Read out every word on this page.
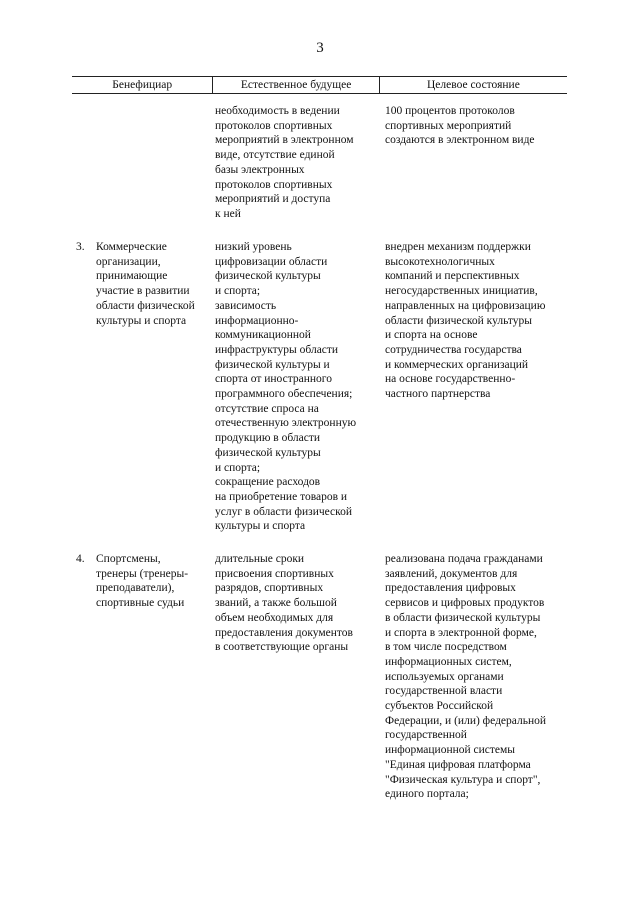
3
Бенефициар	Естественное будущее	Целевое состояние
необходимость в ведении
протоколов спортивных
мероприятий в электронном
виде, отсутствие единой
базы электронных
протоколов спортивных
мероприятий и доступа
к ней
100 процентов протоколов
спортивных мероприятий
создаются в электронном виде
3. Коммерческие
организации,
принимающие
участие в развитии
области физической
культуры и спорта
низкий уровень
цифровизации области
физической культуры
и спорта;
зависимость
информационно-
коммуникационной
инфраструктуры области
физической культуры и
спорта от иностранного
программного обеспечения;
отсутствие спроса на
отечественную электронную
продукцию в области
физической культуры
и спорта;
сокращение расходов
на приобретение товаров и
услуг в области физической
культуры и спорта
внедрен механизм поддержки
высокотехнологичных
компаний и перспективных
негосударственных инициатив,
направленных на цифровизацию
области физической культуры
и спорта на основе
сотрудничества государства
и коммерческих организаций
на основе государственно-
частного партнерства
4. Спортсмены,
тренеры (тренеры-
преподаватели),
спортивные судьи
длительные сроки
присвоения спортивных
разрядов, спортивных
званий, а также большой
объем необходимых для
предоставления документов
в соответствующие органы
реализована подача гражданами
заявлений, документов для
предоставления цифровых
сервисов и цифровых продуктов
в области физической культуры
и спорта в электронной форме,
в том числе посредством
информационных систем,
используемых органами
государственной власти
субъектов Российской
Федерации, и (или) федеральной
государственной
информационной системы
"Единая цифровая платформа
"Физическая культура и спорт",
единого портала;
